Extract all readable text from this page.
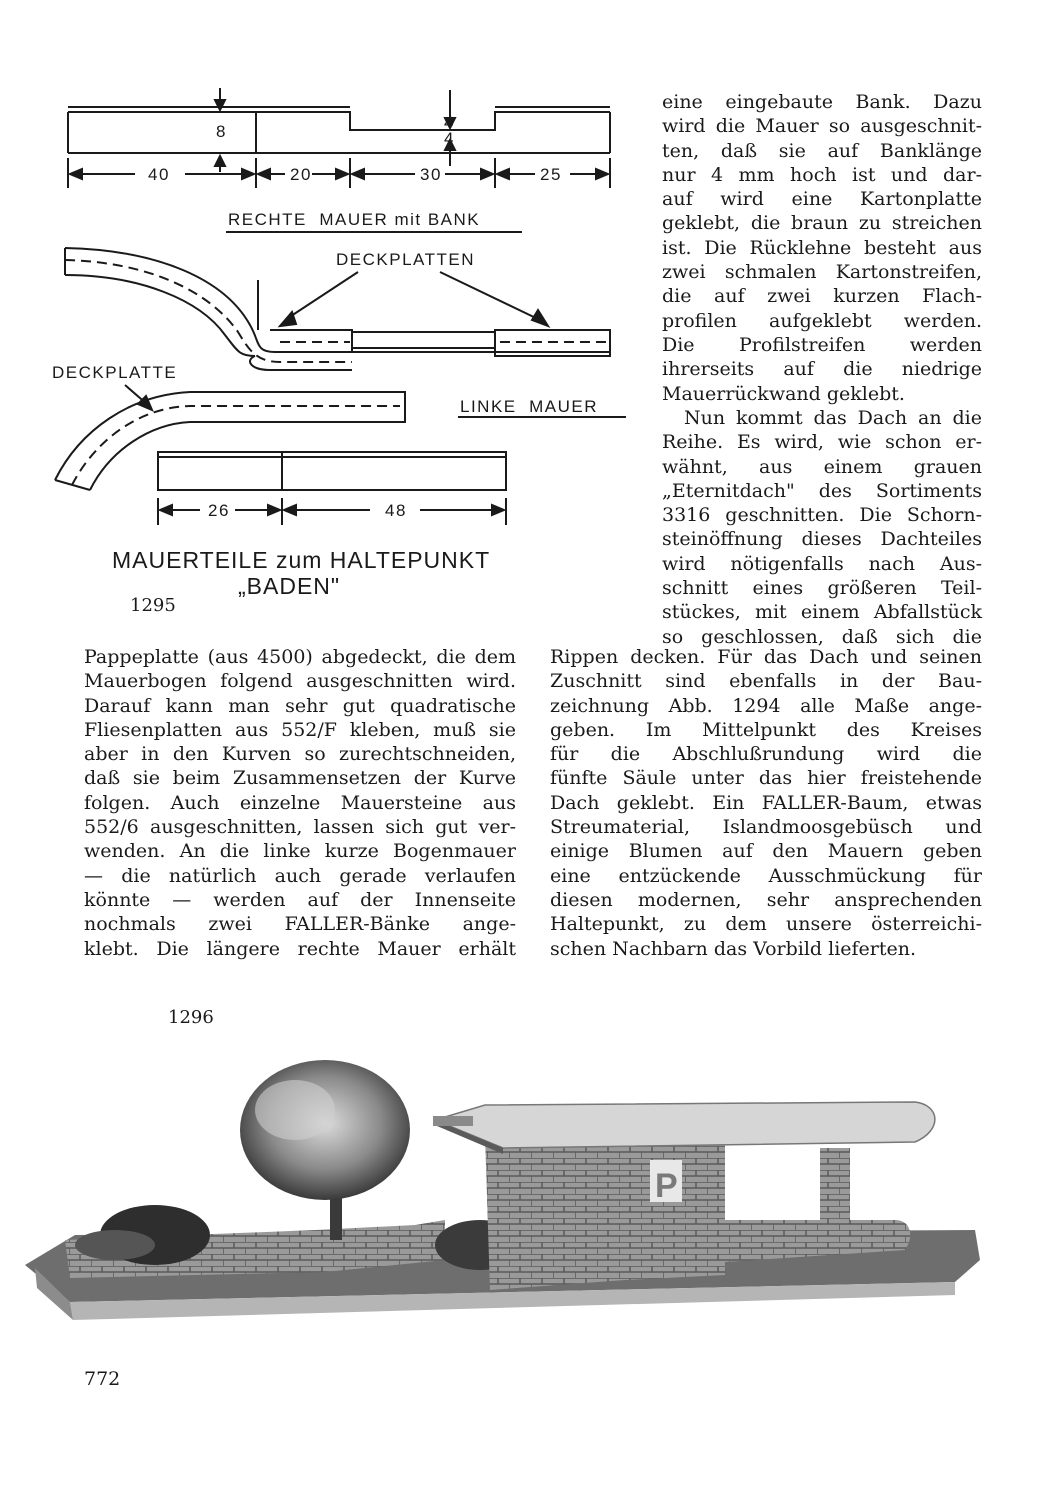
8	4
4
40	20	30	25
RECHTE  MAUER mit BANK
DECKPLATTEN
DECKPLATTE
LINKE  MAUER
26	48
MAUERTEILE zum HALTEPUNKT
„BADEN"
1295
eine eingebaute Bank. Dazu
wird die Mauer so ausgeschnit-
ten, daß sie auf Banklänge
nur 4 mm hoch ist und dar-
auf wird eine Kartonplatte
geklebt, die braun zu streichen
ist. Die Rücklehne besteht aus
zwei schmalen Kartonstreifen,
die auf zwei kurzen Flach-
profilen aufgeklebt werden.
Die Profilstreifen werden
ihrerseits auf die niedrige
Mauerrückwand geklebt.
Nun kommt das Dach an die
Reihe. Es wird, wie schon er-
wähnt, aus einem grauen
„Eternitdach" des Sortiments
3316 geschnitten. Die Schorn-
steinöffnung dieses Dachteiles
wird nötigenfalls nach Aus-
schnitt eines größeren Teil-
stückes, mit einem Abfallstück
so geschlossen, daß sich die
Pappeplatte (aus 4500) abgedeckt, die dem
Mauerbogen folgend ausgeschnitten wird.
Darauf kann man sehr gut quadratische
Fliesenplatten aus 552/F kleben, muß sie
aber in den Kurven so zurechtschneiden,
daß sie beim Zusammensetzen der Kurve
folgen. Auch einzelne Mauersteine aus
552/6 ausgeschnitten, lassen sich gut ver-
wenden. An die linke kurze Bogenmauer
— die natürlich auch gerade verlaufen
könnte — werden auf der Innenseite
nochmals zwei FALLER-Bänke ange-
klebt. Die längere rechte Mauer erhält
Rippen decken. Für das Dach und seinen
Zuschnitt sind ebenfalls in der Bau-
zeichnung Abb. 1294 alle Maße ange-
geben. Im Mittelpunkt des Kreises
für die Abschlußrundung wird die
fünfte Säule unter das hier freistehende
Dach geklebt. Ein FALLER-Baum, etwas
Streumaterial, Islandmoosgebüsch und
einige Blumen auf den Mauern geben
eine entzückende Ausschmückung für
diesen modernen, sehr ansprechenden
Haltepunkt, zu dem unsere österreichi-
schen Nachbarn das Vorbild lieferten.
1296
P
772
